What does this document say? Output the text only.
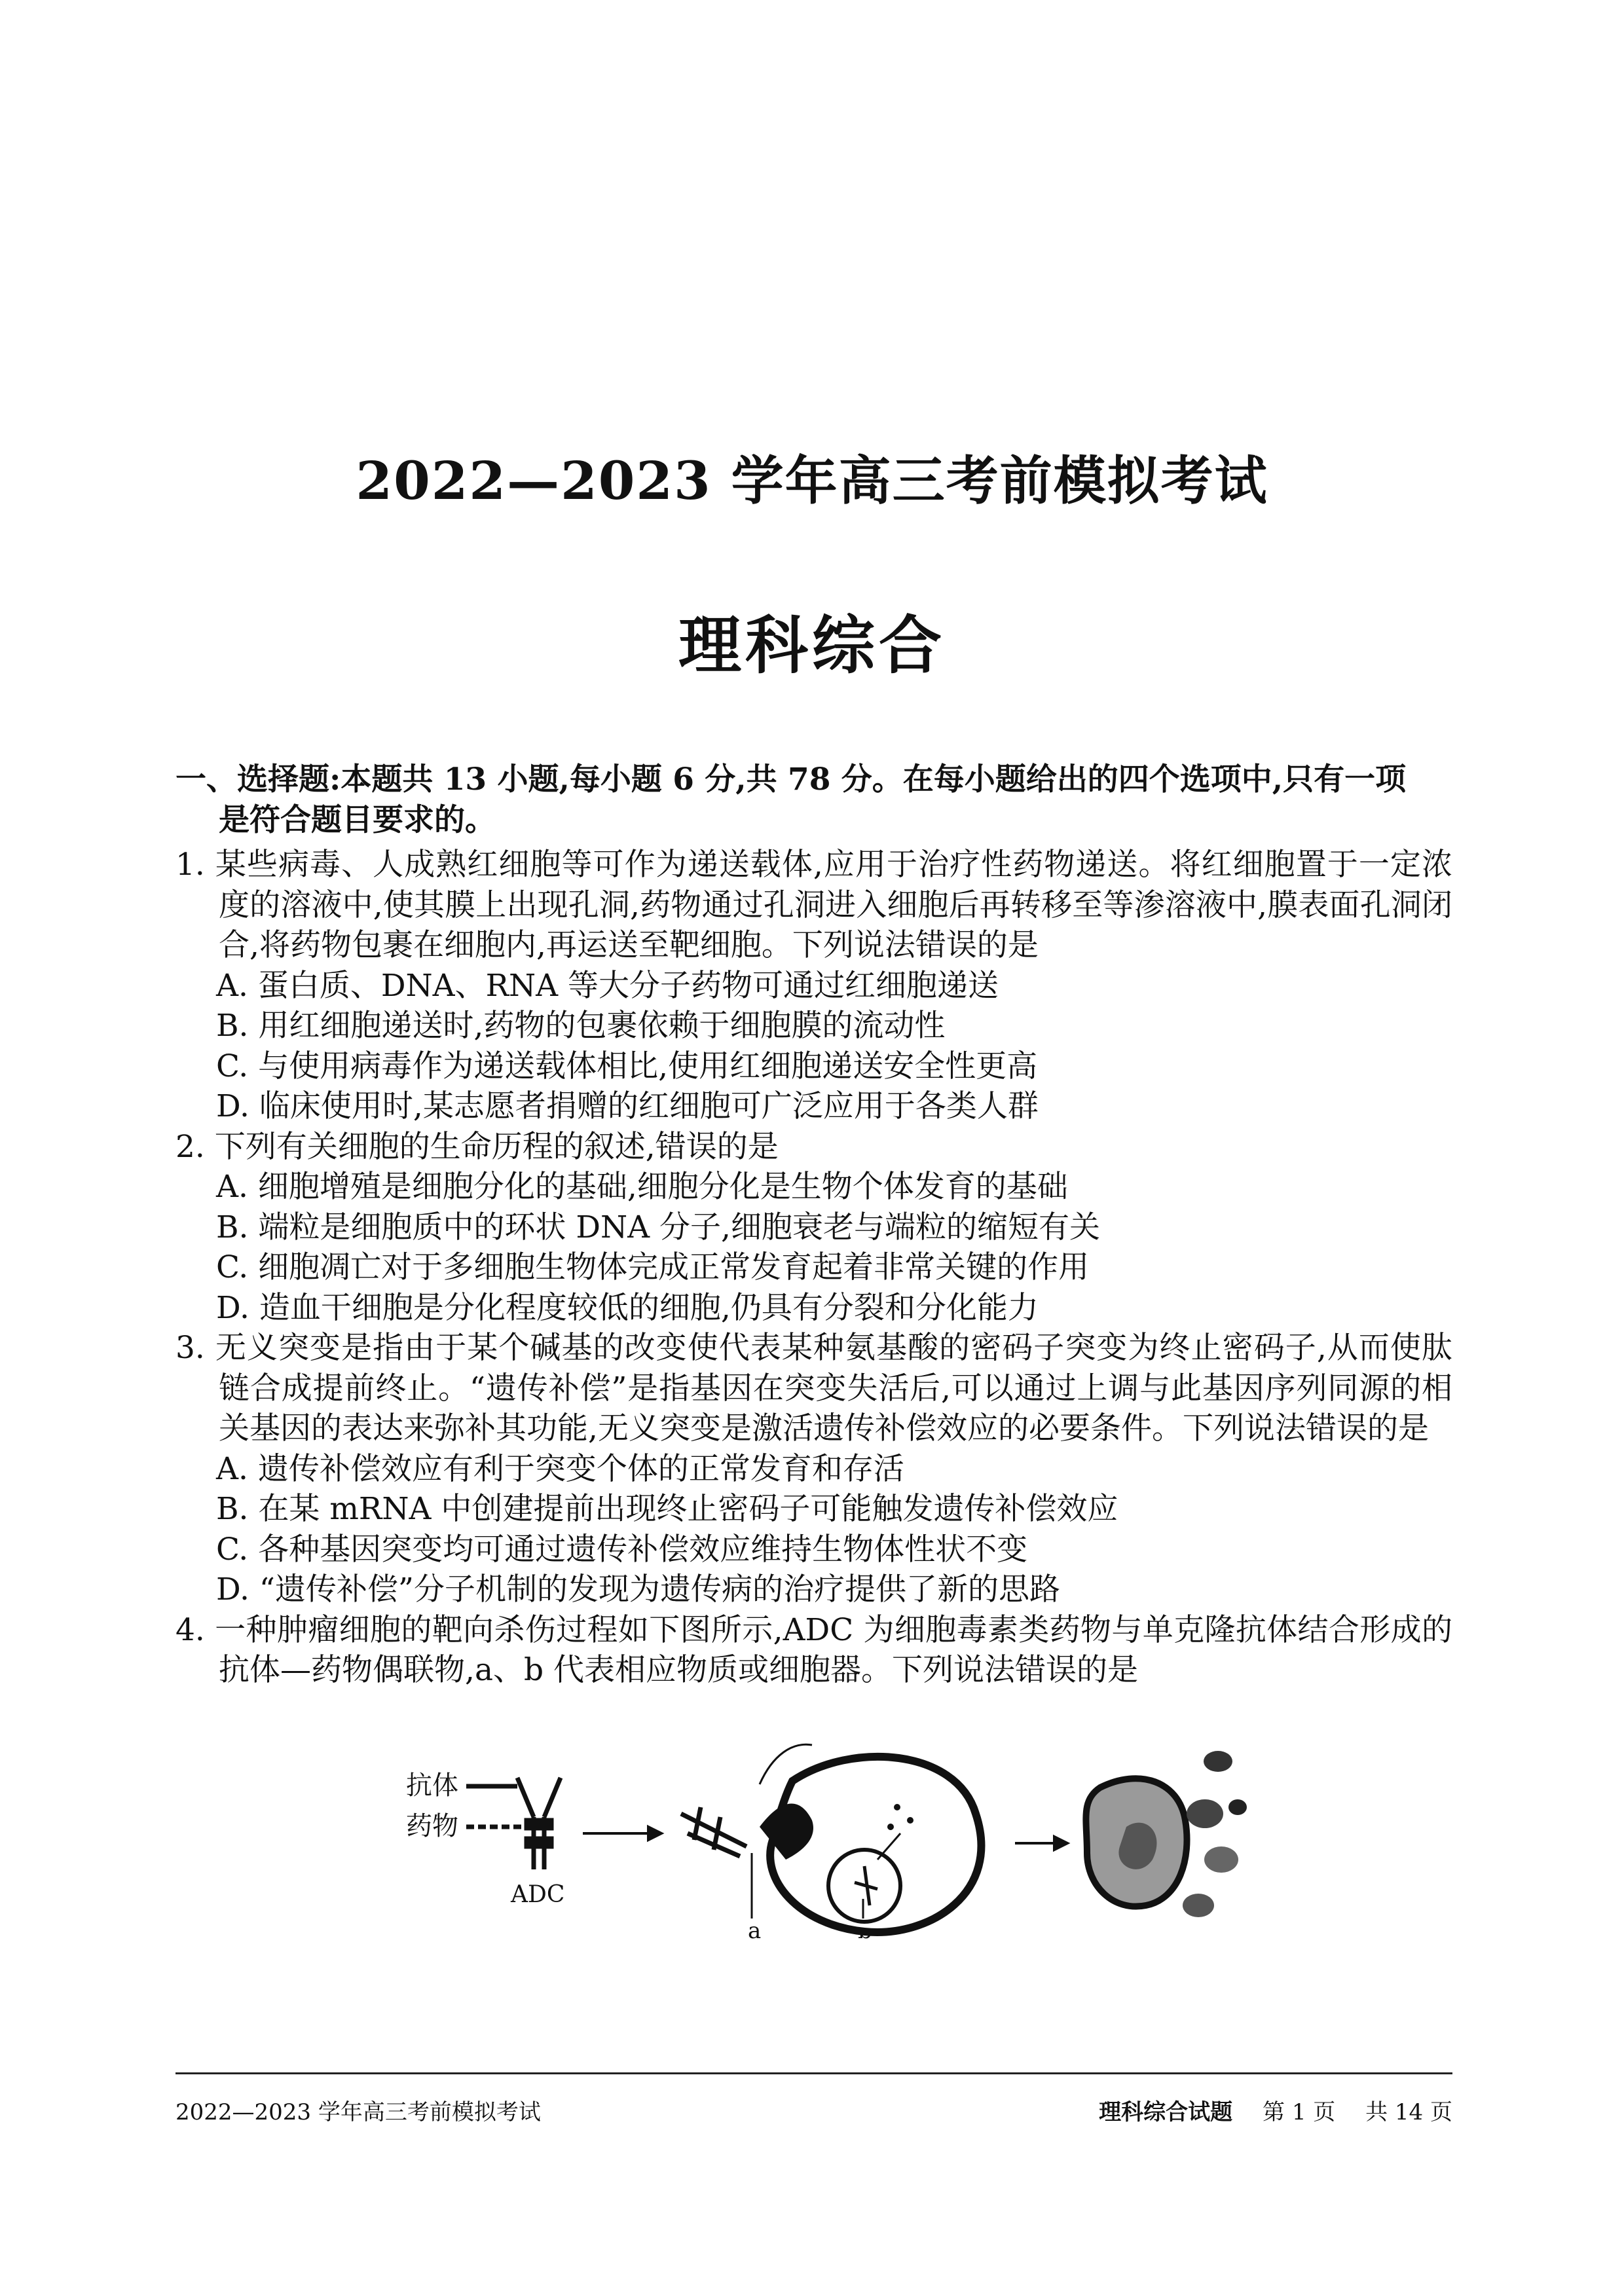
2022—2023 学年高三考前模拟考试
理科综合
一、选择题:本题共 13 小题,每小题 6 分,共 78 分。在每小题给出的四个选项中,只有一项
是符合题目要求的。
1. 某些病毒、人成熟红细胞等可作为递送载体,应用于治疗性药物递送。将红细胞置于一定浓度的溶液中,使其膜上出现孔洞,药物通过孔洞进入细胞后再转移至等渗溶液中,膜表面孔洞闭合,将药物包裹在细胞内,再运送至靶细胞。下列说法错误的是
A. 蛋白质、DNA、RNA 等大分子药物可通过红细胞递送
B. 用红细胞递送时,药物的包裹依赖于细胞膜的流动性
C. 与使用病毒作为递送载体相比,使用红细胞递送安全性更高
D. 临床使用时,某志愿者捐赠的红细胞可广泛应用于各类人群
2. 下列有关细胞的生命历程的叙述,错误的是
A. 细胞增殖是细胞分化的基础,细胞分化是生物个体发育的基础
B. 端粒是细胞质中的环状 DNA 分子,细胞衰老与端粒的缩短有关
C. 细胞凋亡对于多细胞生物体完成正常发育起着非常关键的作用
D. 造血干细胞是分化程度较低的细胞,仍具有分裂和分化能力
3. 无义突变是指由于某个碱基的改变使代表某种氨基酸的密码子突变为终止密码子,从而使肽链合成提前终止。“遗传补偿”是指基因在突变失活后,可以通过上调与此基因序列同源的相关基因的表达来弥补其功能,无义突变是激活遗传补偿效应的必要条件。下列说法错误的是
A. 遗传补偿效应有利于突变个体的正常发育和存活
B. 在某 mRNA 中创建提前出现终止密码子可能触发遗传补偿效应
C. 各种基因突变均可通过遗传补偿效应维持生物体性状不变
D. “遗传补偿”分子机制的发现为遗传病的治疗提供了新的思路
4. 一种肿瘤细胞的靶向杀伤过程如下图所示,ADC 为细胞毒素类药物与单克隆抗体结合形成的抗体—药物偶联物,a、b 代表相应物质或细胞器。下列说法错误的是
抗体
药物
ADC
a
2022—2023 学年高三考前模拟考试	理科综合试题 第 1 页 共 14 页
